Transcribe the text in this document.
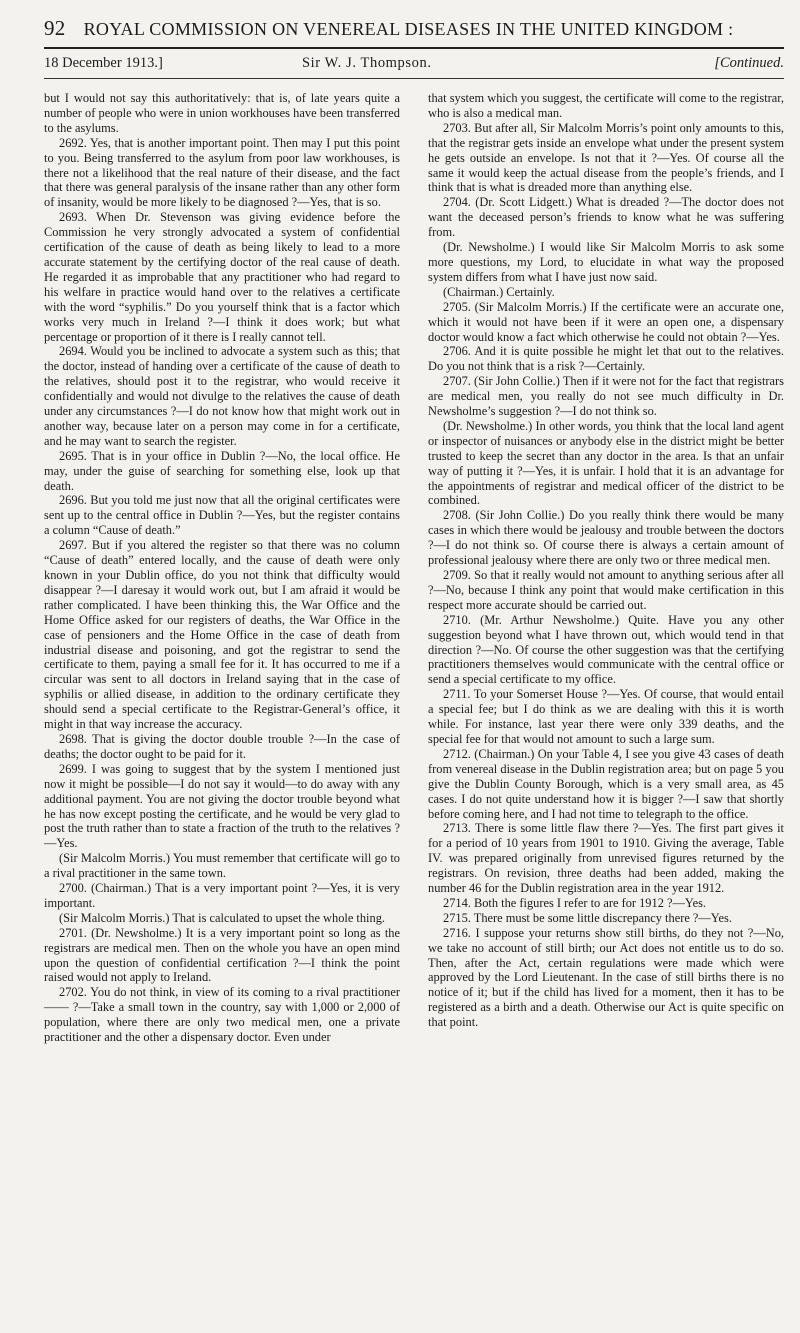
92 ROYAL COMMISSION ON VENEREAL DISEASES IN THE UNITED KINGDOM :
18 December 1913.]	Sir W. J. Thompson.	[Continued.

but I would not say this authoritatively: that is, of late years quite a number of people who were in union workhouses have been transferred to the asylums.

2692. Yes, that is another important point. Then may I put this point to you. Being transferred to the asylum from poor law workhouses, is there not a likelihood that the real nature of their disease, and the fact that there was general paralysis of the insane rather than any other form of insanity, would be more likely to be diagnosed ?—Yes, that is so.

2693. When Dr. Stevenson was giving evidence before the Commission he very strongly advocated a system of confidential certification of the cause of death as being likely to lead to a more accurate statement by the certifying doctor of the real cause of death. He regarded it as improbable that any practitioner who had regard to his welfare in practice would hand over to the relatives a certificate with the word “syphilis.” Do you yourself think that is a factor which works very much in Ireland ?—I think it does work; but what percentage or proportion of it there is I really cannot tell.

2694. Would you be inclined to advocate a system such as this; that the doctor, instead of handing over a certificate of the cause of death to the relatives, should post it to the registrar, who would receive it confidentially and would not divulge to the relatives the cause of death under any circumstances ?—I do not know how that might work out in another way, because later on a person may come in for a certificate, and he may want to search the register.

2695. That is in your office in Dublin ?—No, the local office. He may, under the guise of searching for something else, look up that death.

2696. But you told me just now that all the original certificates were sent up to the central office in Dublin ?—Yes, but the register contains a column “Cause of death.”

2697. But if you altered the register so that there was no column “Cause of death” entered locally, and the cause of death were only known in your Dublin office, do you not think that difficulty would disappear ?—I daresay it would work out, but I am afraid it would be rather complicated. I have been thinking this, the War Office and the Home Office asked for our registers of deaths, the War Office in the case of pensioners and the Home Office in the case of death from industrial disease and poisoning, and got the registrar to send the certificate to them, paying a small fee for it. It has occurred to me if a circular was sent to all doctors in Ireland saying that in the case of syphilis or allied disease, in addition to the ordinary certificate they should send a special certificate to the Registrar-General’s office, it might in that way increase the accuracy.

2698. That is giving the doctor double trouble ?—In the case of deaths; the doctor ought to be paid for it.

2699. I was going to suggest that by the system I mentioned just now it might be possible—I do not say it would—to do away with any additional payment. You are not giving the doctor trouble beyond what he has now except posting the certificate, and he would be very glad to post the truth rather than to state a fraction of the truth to the relatives ?—Yes.

(Sir Malcolm Morris.) You must remember that certificate will go to a rival practitioner in the same town.

2700. (Chairman.) That is a very important point ?—Yes, it is very important.

(Sir Malcolm Morris.) That is calculated to upset the whole thing.

2701. (Dr. Newsholme.) It is a very important point so long as the registrars are medical men. Then on the whole you have an open mind upon the question of confidential certification ?—I think the point raised would not apply to Ireland.

2702. You do not think, in view of its coming to a rival practitioner—— ?—Take a small town in the country, say with 1,000 or 2,000 of population, where there are only two medical men, one a private practitioner and the other a dispensary doctor. Even under

that system which you suggest, the certificate will come to the registrar, who is also a medical man.

2703. But after all, Sir Malcolm Morris’s point only amounts to this, that the registrar gets inside an envelope what under the present system he gets outside an envelope. Is not that it ?—Yes. Of course all the same it would keep the actual disease from the people’s friends, and I think that is what is dreaded more than anything else.

2704. (Dr. Scott Lidgett.) What is dreaded ?—The doctor does not want the deceased person’s friends to know what he was suffering from.

(Dr. Newsholme.) I would like Sir Malcolm Morris to ask some more questions, my Lord, to elucidate in what way the proposed system differs from what I have just now said.

(Chairman.) Certainly.

2705. (Sir Malcolm Morris.) If the certificate were an accurate one, which it would not have been if it were an open one, a dispensary doctor would know a fact which otherwise he could not obtain ?—Yes.

2706. And it is quite possible he might let that out to the relatives. Do you not think that is a risk ?—Certainly.

2707. (Sir John Collie.) Then if it were not for the fact that registrars are medical men, you really do not see much difficulty in Dr. Newsholme’s suggestion ?—I do not think so.

(Dr. Newsholme.) In other words, you think that the local land agent or inspector of nuisances or anybody else in the district might be better trusted to keep the secret than any doctor in the area. Is that an unfair way of putting it ?—Yes, it is unfair. I hold that it is an advantage for the appointments of registrar and medical officer of the district to be combined.

2708. (Sir John Collie.) Do you really think there would be many cases in which there would be jealousy and trouble between the doctors ?—I do not think so. Of course there is always a certain amount of professional jealousy where there are only two or three medical men.

2709. So that it really would not amount to anything serious after all ?—No, because I think any point that would make certification in this respect more accurate should be carried out.

2710. (Mr. Arthur Newsholme.) Quite. Have you any other suggestion beyond what I have thrown out, which would tend in that direction ?—No. Of course the other suggestion was that the certifying practitioners themselves would communicate with the central office or send a special certificate to my office.

2711. To your Somerset House ?—Yes. Of course, that would entail a special fee; but I do think as we are dealing with this it is worth while. For instance, last year there were only 339 deaths, and the special fee for that would not amount to such a large sum.

2712. (Chairman.) On your Table 4, I see you give 43 cases of death from venereal disease in the Dublin registration area; but on page 5 you give the Dublin County Borough, which is a very small area, as 45 cases. I do not quite understand how it is bigger ?—I saw that shortly before coming here, and I had not time to telegraph to the office.

2713. There is some little flaw there ?—Yes. The first part gives it for a period of 10 years from 1901 to 1910. Giving the average, Table IV. was prepared originally from unrevised figures returned by the registrars. On revision, three deaths had been added, making the number 46 for the Dublin registration area in the year 1912.

2714. Both the figures I refer to are for 1912 ?—Yes.

2715. There must be some little discrepancy there ?—Yes.

2716. I suppose your returns show still births, do they not ?—No, we take no account of still birth; our Act does not entitle us to do so. Then, after the Act, certain regulations were made which were approved by the Lord Lieutenant. In the case of still births there is no notice of it; but if the child has lived for a moment, then it has to be registered as a birth and a death. Otherwise our Act is quite specific on that point.
